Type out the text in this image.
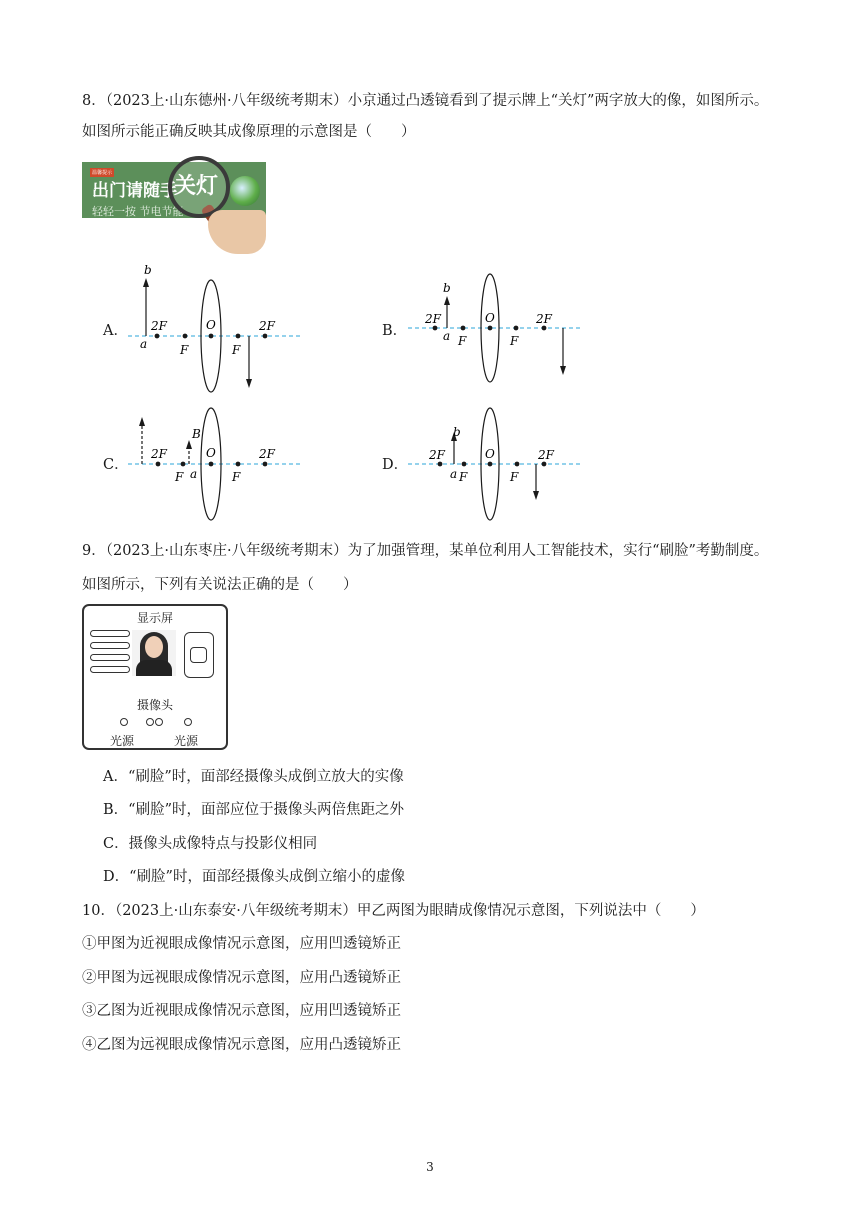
8．（2023上·山东德州·八年级统考期末）小京通过凸透镜看到了提示牌上“关灯”两字放大的像，如图所示。
如图所示能正确反映其成像原理的示意图是（　　）
温馨提示
出门请随手
轻轻一按 节电节能
关灯
A．
b
a
2F
F
O
F
2F	B．
b
a
2F
F
O
F
2F
C．
B
a
2F
F
O
F
2F
D．
b
a
2F
F
O
F
2F
9．（2023上·山东枣庄·八年级统考期末）为了加强管理，某单位利用人工智能技术，实行“刷脸”考勤制度。
如图所示，下列有关说法正确的是（　　）
显示屏
摄像头
光源	光源
A．“刷脸”时，面部经摄像头成倒立放大的实像
B．“刷脸”时，面部应位于摄像头两倍焦距之外
C．摄像头成像特点与投影仪相同
D．“刷脸”时，面部经摄像头成倒立缩小的虚像
10．（2023上·山东泰安·八年级统考期末）甲乙两图为眼睛成像情况示意图，下列说法中（　　）
①甲图为近视眼成像情况示意图，应用凹透镜矫正
②甲图为远视眼成像情况示意图，应用凸透镜矫正
③乙图为近视眼成像情况示意图，应用凹透镜矫正
④乙图为远视眼成像情况示意图，应用凸透镜矫正
3
